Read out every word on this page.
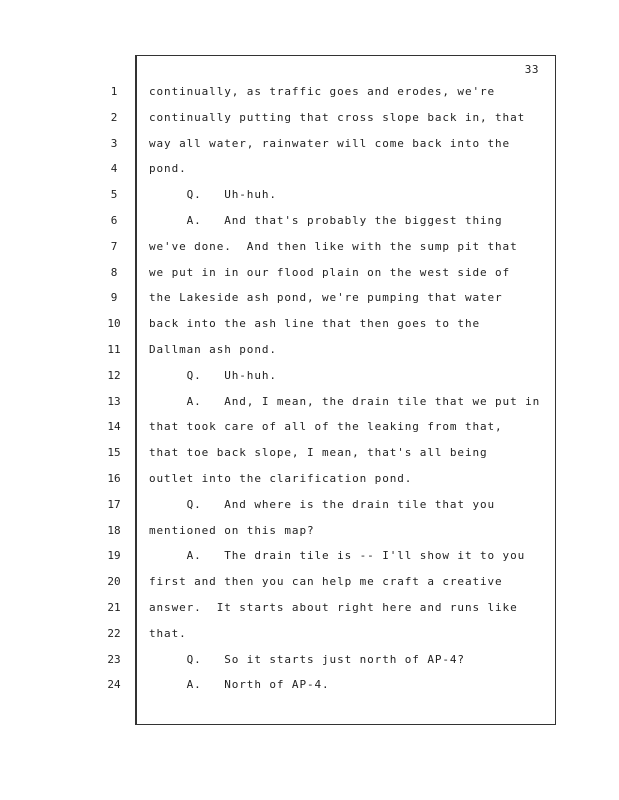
33
1	continually, as traffic goes and erodes, we're
2	continually putting that cross slope back in, that
3	way all water, rainwater will come back into the
4	pond.
5	Q.   Uh-huh.
6	A.   And that's probably the biggest thing
7	we've done.  And then like with the sump pit that
8	we put in in our flood plain on the west side of
9	the Lakeside ash pond, we're pumping that water
10	back into the ash line that then goes to the
11	Dallman ash pond.
12	Q.   Uh-huh.
13	A.   And, I mean, the drain tile that we put in
14	that took care of all of the leaking from that,
15	that toe back slope, I mean, that's all being
16	outlet into the clarification pond.
17	Q.   And where is the drain tile that you
18	mentioned on this map?
19	A.   The drain tile is -- I'll show it to you
20	first and then you can help me craft a creative
21	answer.  It starts about right here and runs like
22	that.
23	Q.   So it starts just north of AP-4?
24	A.   North of AP-4.
